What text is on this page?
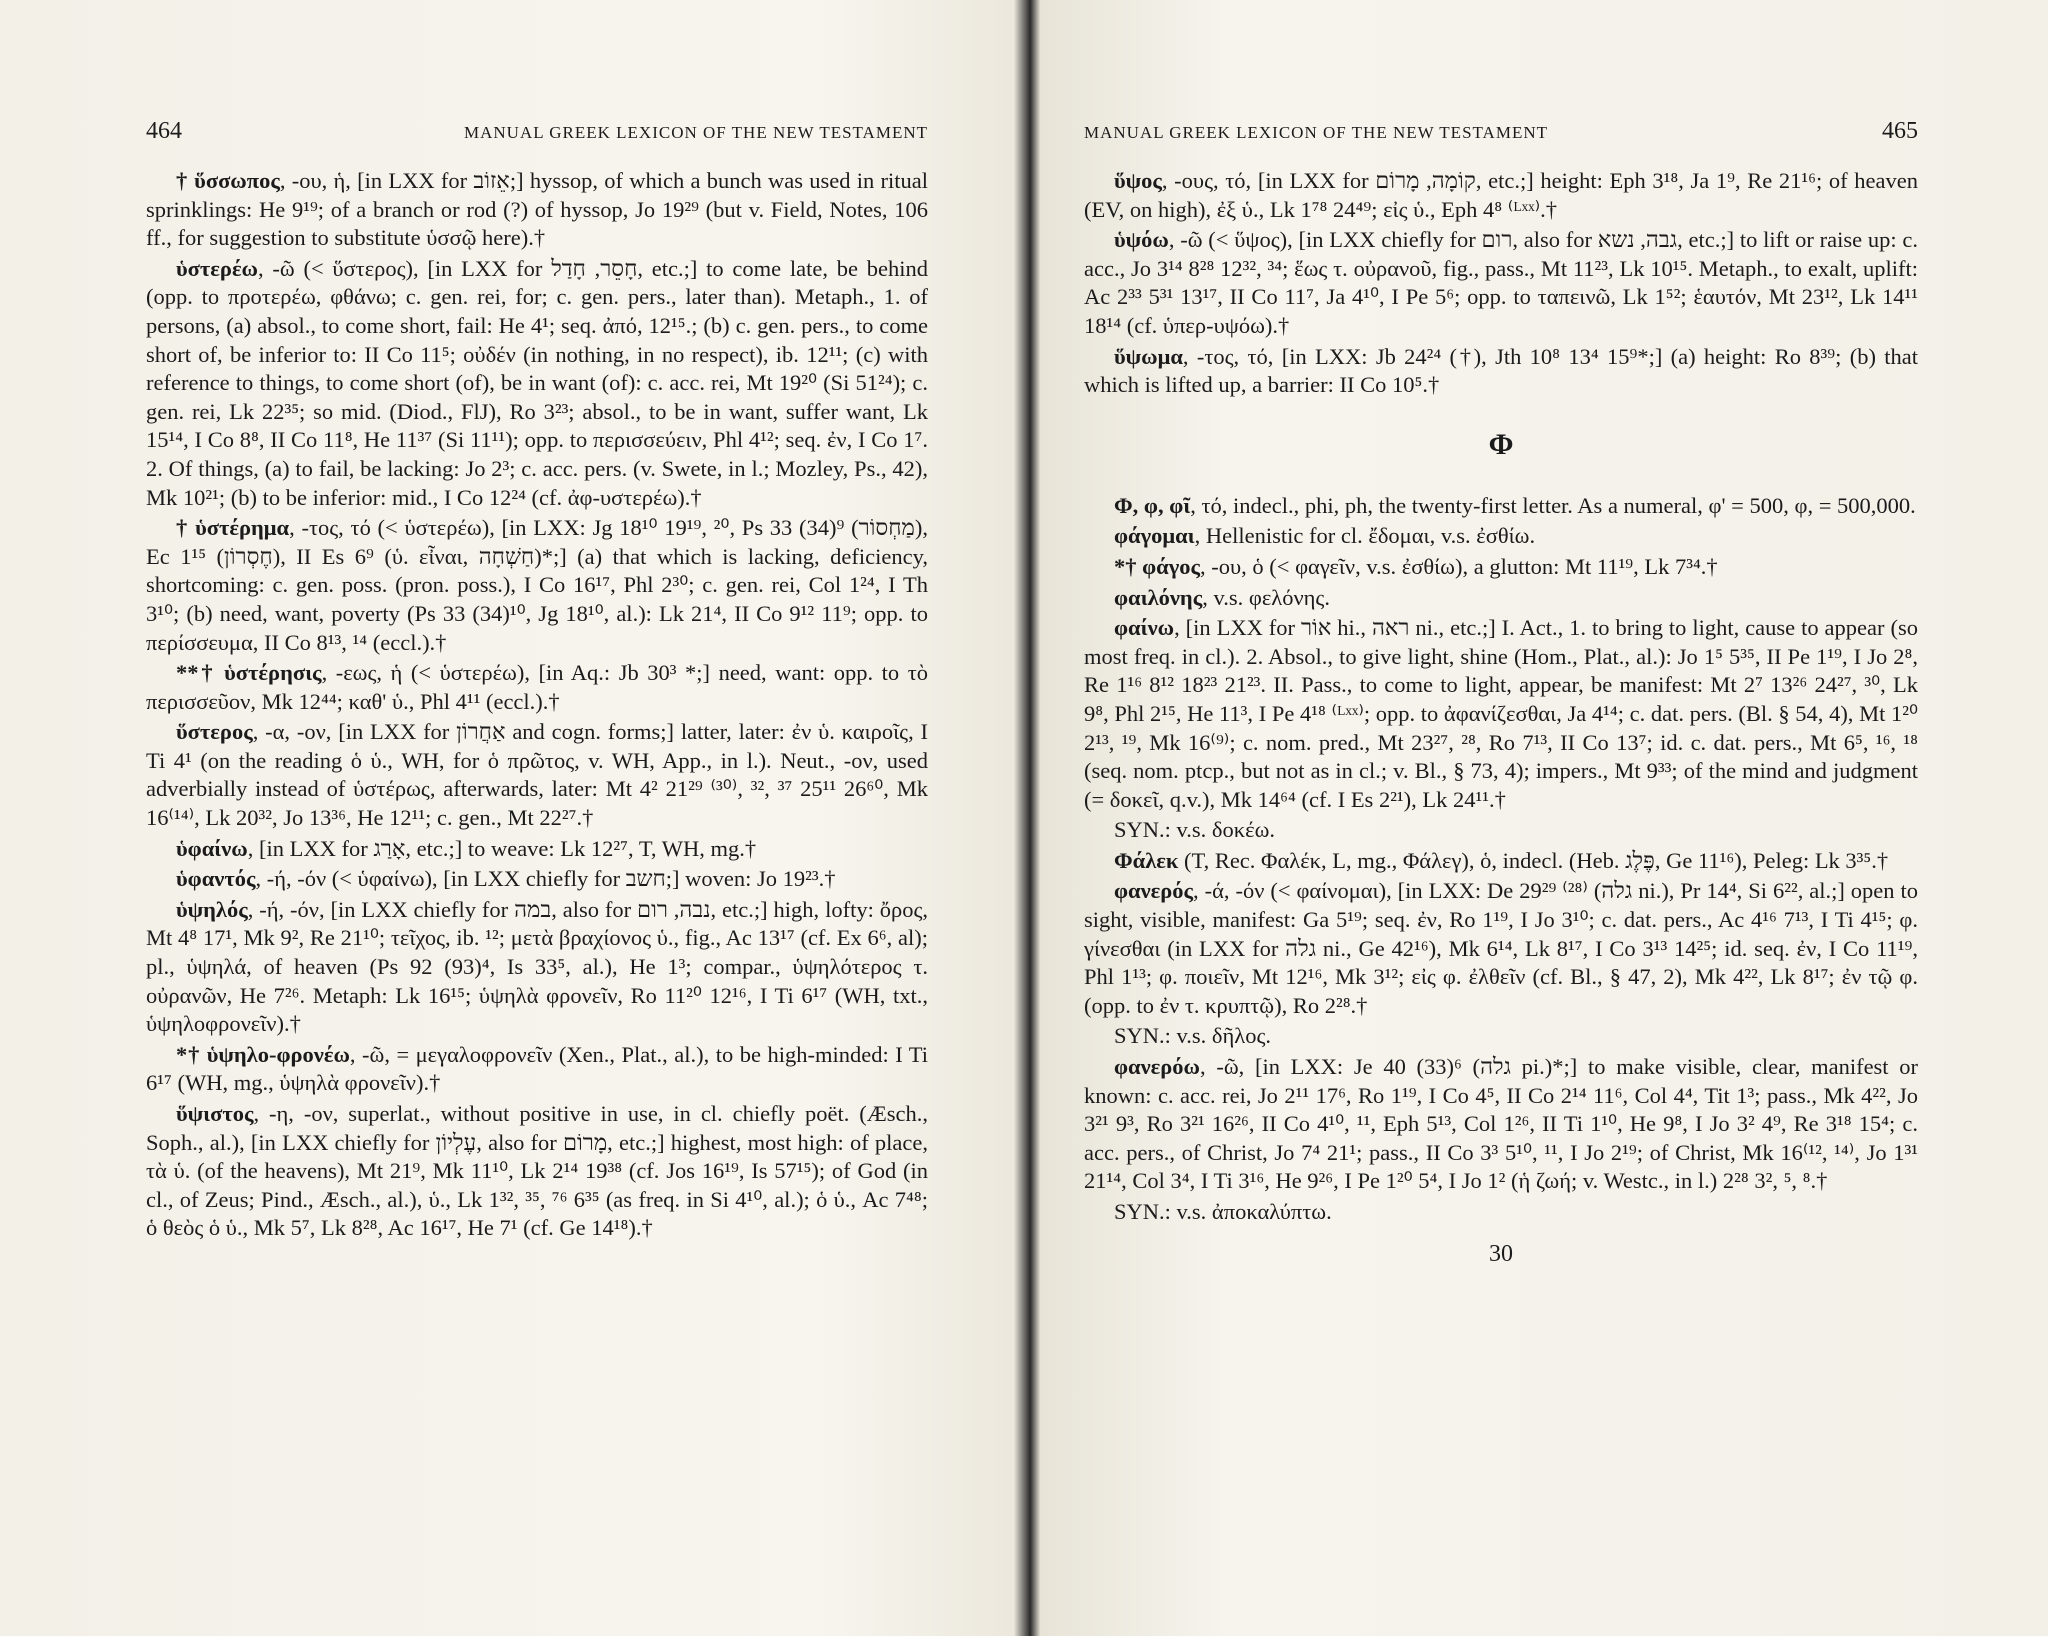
464	MANUAL GREEK LEXICON OF THE NEW TESTAMENT

† ὕσσωπος, -ου, ἡ, [in LXX for אֵזוֹב;] hyssop, of which a bunch was used in ritual sprinklings: He 9¹⁹; of a branch or rod (?) of hyssop, Jo 19²⁹ (but v. Field, Notes, 106 ff., for suggestion to substitute ὑσσῷ here).†

ὑστερέω, -ῶ (< ὕστερος), [in LXX for חָסֵר, חָדַל, etc.;] to come late, be behind (opp. to προτερέω, φθάνω; c. gen. rei, for; c. gen. pers., later than). Metaph., 1. of persons, (a) absol., to come short, fail: He 4¹; seq. ἀπό, 12¹⁵.; (b) c. gen. pers., to come short of, be inferior to: II Co 11⁵; οὐδέν (in nothing, in no respect), ib. 12¹¹; (c) with reference to things, to come short (of), be in want (of): c. acc. rei, Mt 19²⁰ (Si 51²⁴); c. gen. rei, Lk 22³⁵; so mid. (Diod., FlJ), Ro 3²³; absol., to be in want, suffer want, Lk 15¹⁴, I Co 8⁸, II Co 11⁸, He 11³⁷ (Si 11¹¹); opp. to περισσεύειν, Phl 4¹²; seq. ἐν, I Co 1⁷. 2. Of things, (a) to fail, be lacking: Jo 2³; c. acc. pers. (v. Swete, in l.; Mozley, Ps., 42), Mk 10²¹; (b) to be inferior: mid., I Co 12²⁴ (cf. ἀφ-υστερέω).†

† ὑστέρημα, -τος, τό (< ὑστερέω), [in LXX: Jg 18¹⁰ 19¹⁹, ²⁰, Ps 33 (34)⁹ (מַחְסוֹר), Ec 1¹⁵ (חֶסְרוֹן), II Es 6⁹ (ὑ. εἶναι, חַשְׁחָה)*;] (a) that which is lacking, deficiency, shortcoming: c. gen. poss. (pron. poss.), I Co 16¹⁷, Phl 2³⁰; c. gen. rei, Col 1²⁴, I Th 3¹⁰; (b) need, want, poverty (Ps 33 (34)¹⁰, Jg 18¹⁰, al.): Lk 21⁴, II Co 9¹² 11⁹; opp. to περίσσευμα, II Co 8¹³, ¹⁴ (eccl.).†

**† ὑστέρησις, -εως, ἡ (< ὑστερέω), [in Aq.: Jb 30³ *;] need, want: opp. to τὸ περισσεῦον, Mk 12⁴⁴; καθ' ὑ., Phl 4¹¹ (eccl.).†

ὕστερος, -α, -ον, [in LXX for אַחֲרוֹן and cogn. forms;] latter, later: ἐν ὑ. καιροῖς, I Ti 4¹ (on the reading ὁ ὑ., WH, for ὁ πρῶτος, v. WH, App., in l.). Neut., -ον, used adverbially instead of ὑστέρως, afterwards, later: Mt 4² 21²⁹ ⁽³⁰⁾, ³², ³⁷ 25¹¹ 26⁶⁰, Mk 16⁽¹⁴⁾, Lk 20³², Jo 13³⁶, He 12¹¹; c. gen., Mt 22²⁷.†

ὑφαίνω, [in LXX for אָרַג, etc.;] to weave: Lk 12²⁷, T, WH, mg.†

ὑφαντός, -ή, -όν (< ὑφαίνω), [in LXX chiefly for חשב;] woven: Jo 19²³.†

ὑψηλός, -ή, -όν, [in LXX chiefly for במה, also for נבה, רום, etc.;] high, lofty: ὄρος, Mt 4⁸ 17¹, Mk 9², Re 21¹⁰; τεῖχος, ib. ¹²; μετὰ βραχίονος ὑ., fig., Ac 13¹⁷ (cf. Ex 6⁶, al); pl., ὑψηλά, of heaven (Ps 92 (93)⁴, Is 33⁵, al.), He 1³; compar., ὑψηλότερος τ. οὐρανῶν, He 7²⁶. Metaph: Lk 16¹⁵; ὑψηλὰ φρονεῖν, Ro 11²⁰ 12¹⁶, I Ti 6¹⁷ (WH, txt., ὑψηλοφρονεῖν).†

*† ὑψηλο-φρονέω, -ῶ, = μεγαλοφρονεῖν (Xen., Plat., al.), to be high-minded: I Ti 6¹⁷ (WH, mg., ὑψηλὰ φρονεῖν).†

ὕψιστος, -η, -ον, superlat., without positive in use, in cl. chiefly poët. (Æsch., Soph., al.), [in LXX chiefly for עֶלְיוֹן, also for מָרוֹם, etc.;] highest, most high: of place, τὰ ὑ. (of the heavens), Mt 21⁹, Mk 11¹⁰, Lk 2¹⁴ 19³⁸ (cf. Jos 16¹⁹, Is 57¹⁵); of God (in cl., of Zeus; Pind., Æsch., al.), ὑ., Lk 1³², ³⁵, ⁷⁶ 6³⁵ (as freq. in Si 4¹⁰, al.); ὁ ὑ., Ac 7⁴⁸; ὁ θεὸς ὁ ὑ., Mk 5⁷, Lk 8²⁸, Ac 16¹⁷, He 7¹ (cf. Ge 14¹⁸).†

MANUAL GREEK LEXICON OF THE NEW TESTAMENT	465

ὕψος, -ους, τό, [in LXX for קוֹמָה, מָרוֹם, etc.;] height: Eph 3¹⁸, Ja 1⁹, Re 21¹⁶; of heaven (EV, on high), ἐξ ὑ., Lk 1⁷⁸ 24⁴⁹; εἰς ὑ., Eph 4⁸ ⁽ᴸˣˣ⁾.†

ὑψόω, -ῶ (< ὕψος), [in LXX chiefly for רום, also for גבה, נשא, etc.;] to lift or raise up: c. acc., Jo 3¹⁴ 8²⁸ 12³², ³⁴; ἕως τ. οὐρανοῦ, fig., pass., Mt 11²³, Lk 10¹⁵. Metaph., to exalt, uplift: Ac 2³³ 5³¹ 13¹⁷, II Co 11⁷, Ja 4¹⁰, I Pe 5⁶; opp. to ταπεινῶ, Lk 1⁵²; ἑαυτόν, Mt 23¹², Lk 14¹¹ 18¹⁴ (cf. ὑπερ-υψόω).†

ὕψωμα, -τος, τό, [in LXX: Jb 24²⁴ (†), Jth 10⁸ 13⁴ 15⁹*;] (a) height: Ro 8³⁹; (b) that which is lifted up, a barrier: II Co 10⁵.†

Φ

Φ, φ, φῖ, τό, indecl., phi, ph, the twenty-first letter. As a numeral, φ' = 500, φ, = 500,000.

φάγομαι, Hellenistic for cl. ἔδομαι, v.s. ἐσθίω.

*† φάγος, -ου, ὁ (< φαγεῖν, v.s. ἐσθίω), a glutton: Mt 11¹⁹, Lk 7³⁴.†

φαιλόνης, v.s. φελόνης.

φαίνω, [in LXX for אוֹר hi., ראה ni., etc.;] I. Act., 1. to bring to light, cause to appear (so most freq. in cl.). 2. Absol., to give light, shine (Hom., Plat., al.): Jo 1⁵ 5³⁵, II Pe 1¹⁹, I Jo 2⁸, Re 1¹⁶ 8¹² 18²³ 21²³. II. Pass., to come to light, appear, be manifest: Mt 2⁷ 13²⁶ 24²⁷, ³⁰, Lk 9⁸, Phl 2¹⁵, He 11³, I Pe 4¹⁸ ⁽ᴸˣˣ⁾; opp. to ἀφανίζεσθαι, Ja 4¹⁴; c. dat. pers. (Bl. § 54, 4), Mt 1²⁰ 2¹³, ¹⁹, Mk 16⁽⁹⁾; c. nom. pred., Mt 23²⁷, ²⁸, Ro 7¹³, II Co 13⁷; id. c. dat. pers., Mt 6⁵, ¹⁶, ¹⁸ (seq. nom. ptcp., but not as in cl.; v. Bl., § 73, 4); impers., Mt 9³³; of the mind and judgment (= δοκεῖ, q.v.), Mk 14⁶⁴ (cf. I Es 2²¹), Lk 24¹¹.†

SYN.: v.s. δοκέω.

Φάλεκ (T, Rec. Φαλέκ, L, mg., Φάλεγ), ὁ, indecl. (Heb. פֶּלֶג, Ge 11¹⁶), Peleg: Lk 3³⁵.†

φανερός, -ά, -όν (< φαίνομαι), [in LXX: De 29²⁹ ⁽²⁸⁾ (גלה ni.), Pr 14⁴, Si 6²², al.;] open to sight, visible, manifest: Ga 5¹⁹; seq. ἐν, Ro 1¹⁹, I Jo 3¹⁰; c. dat. pers., Ac 4¹⁶ 7¹³, I Ti 4¹⁵; φ. γίνεσθαι (in LXX for גלה ni., Ge 42¹⁶), Mk 6¹⁴, Lk 8¹⁷, I Co 3¹³ 14²⁵; id. seq. ἐν, I Co 11¹⁹, Phl 1¹³; φ. ποιεῖν, Mt 12¹⁶, Mk 3¹²; εἰς φ. ἐλθεῖν (cf. Bl., § 47, 2), Mk 4²², Lk 8¹⁷; ἐν τῷ φ. (opp. to ἐν τ. κρυπτῷ), Ro 2²⁸.†

SYN.: v.s. δῆλος.

φανερόω, -ῶ, [in LXX: Je 40 (33)⁶ (גלה pi.)*;] to make visible, clear, manifest or known: c. acc. rei, Jo 2¹¹ 17⁶, Ro 1¹⁹, I Co 4⁵, II Co 2¹⁴ 11⁶, Col 4⁴, Tit 1³; pass., Mk 4²², Jo 3²¹ 9³, Ro 3²¹ 16²⁶, II Co 4¹⁰, ¹¹, Eph 5¹³, Col 1²⁶, II Ti 1¹⁰, He 9⁸, I Jo 3² 4⁹, Re 3¹⁸ 15⁴; c. acc. pers., of Christ, Jo 7⁴ 21¹; pass., II Co 3³ 5¹⁰, ¹¹, I Jo 2¹⁹; of Christ, Mk 16⁽¹², ¹⁴⁾, Jo 1³¹ 21¹⁴, Col 3⁴, I Ti 3¹⁶, He 9²⁶, I Pe 1²⁰ 5⁴, I Jo 1² (ἡ ζωή; v. Westc., in l.) 2²⁸ 3², ⁵, ⁸.†

SYN.: v.s. ἀποκαλύπτω.

30
